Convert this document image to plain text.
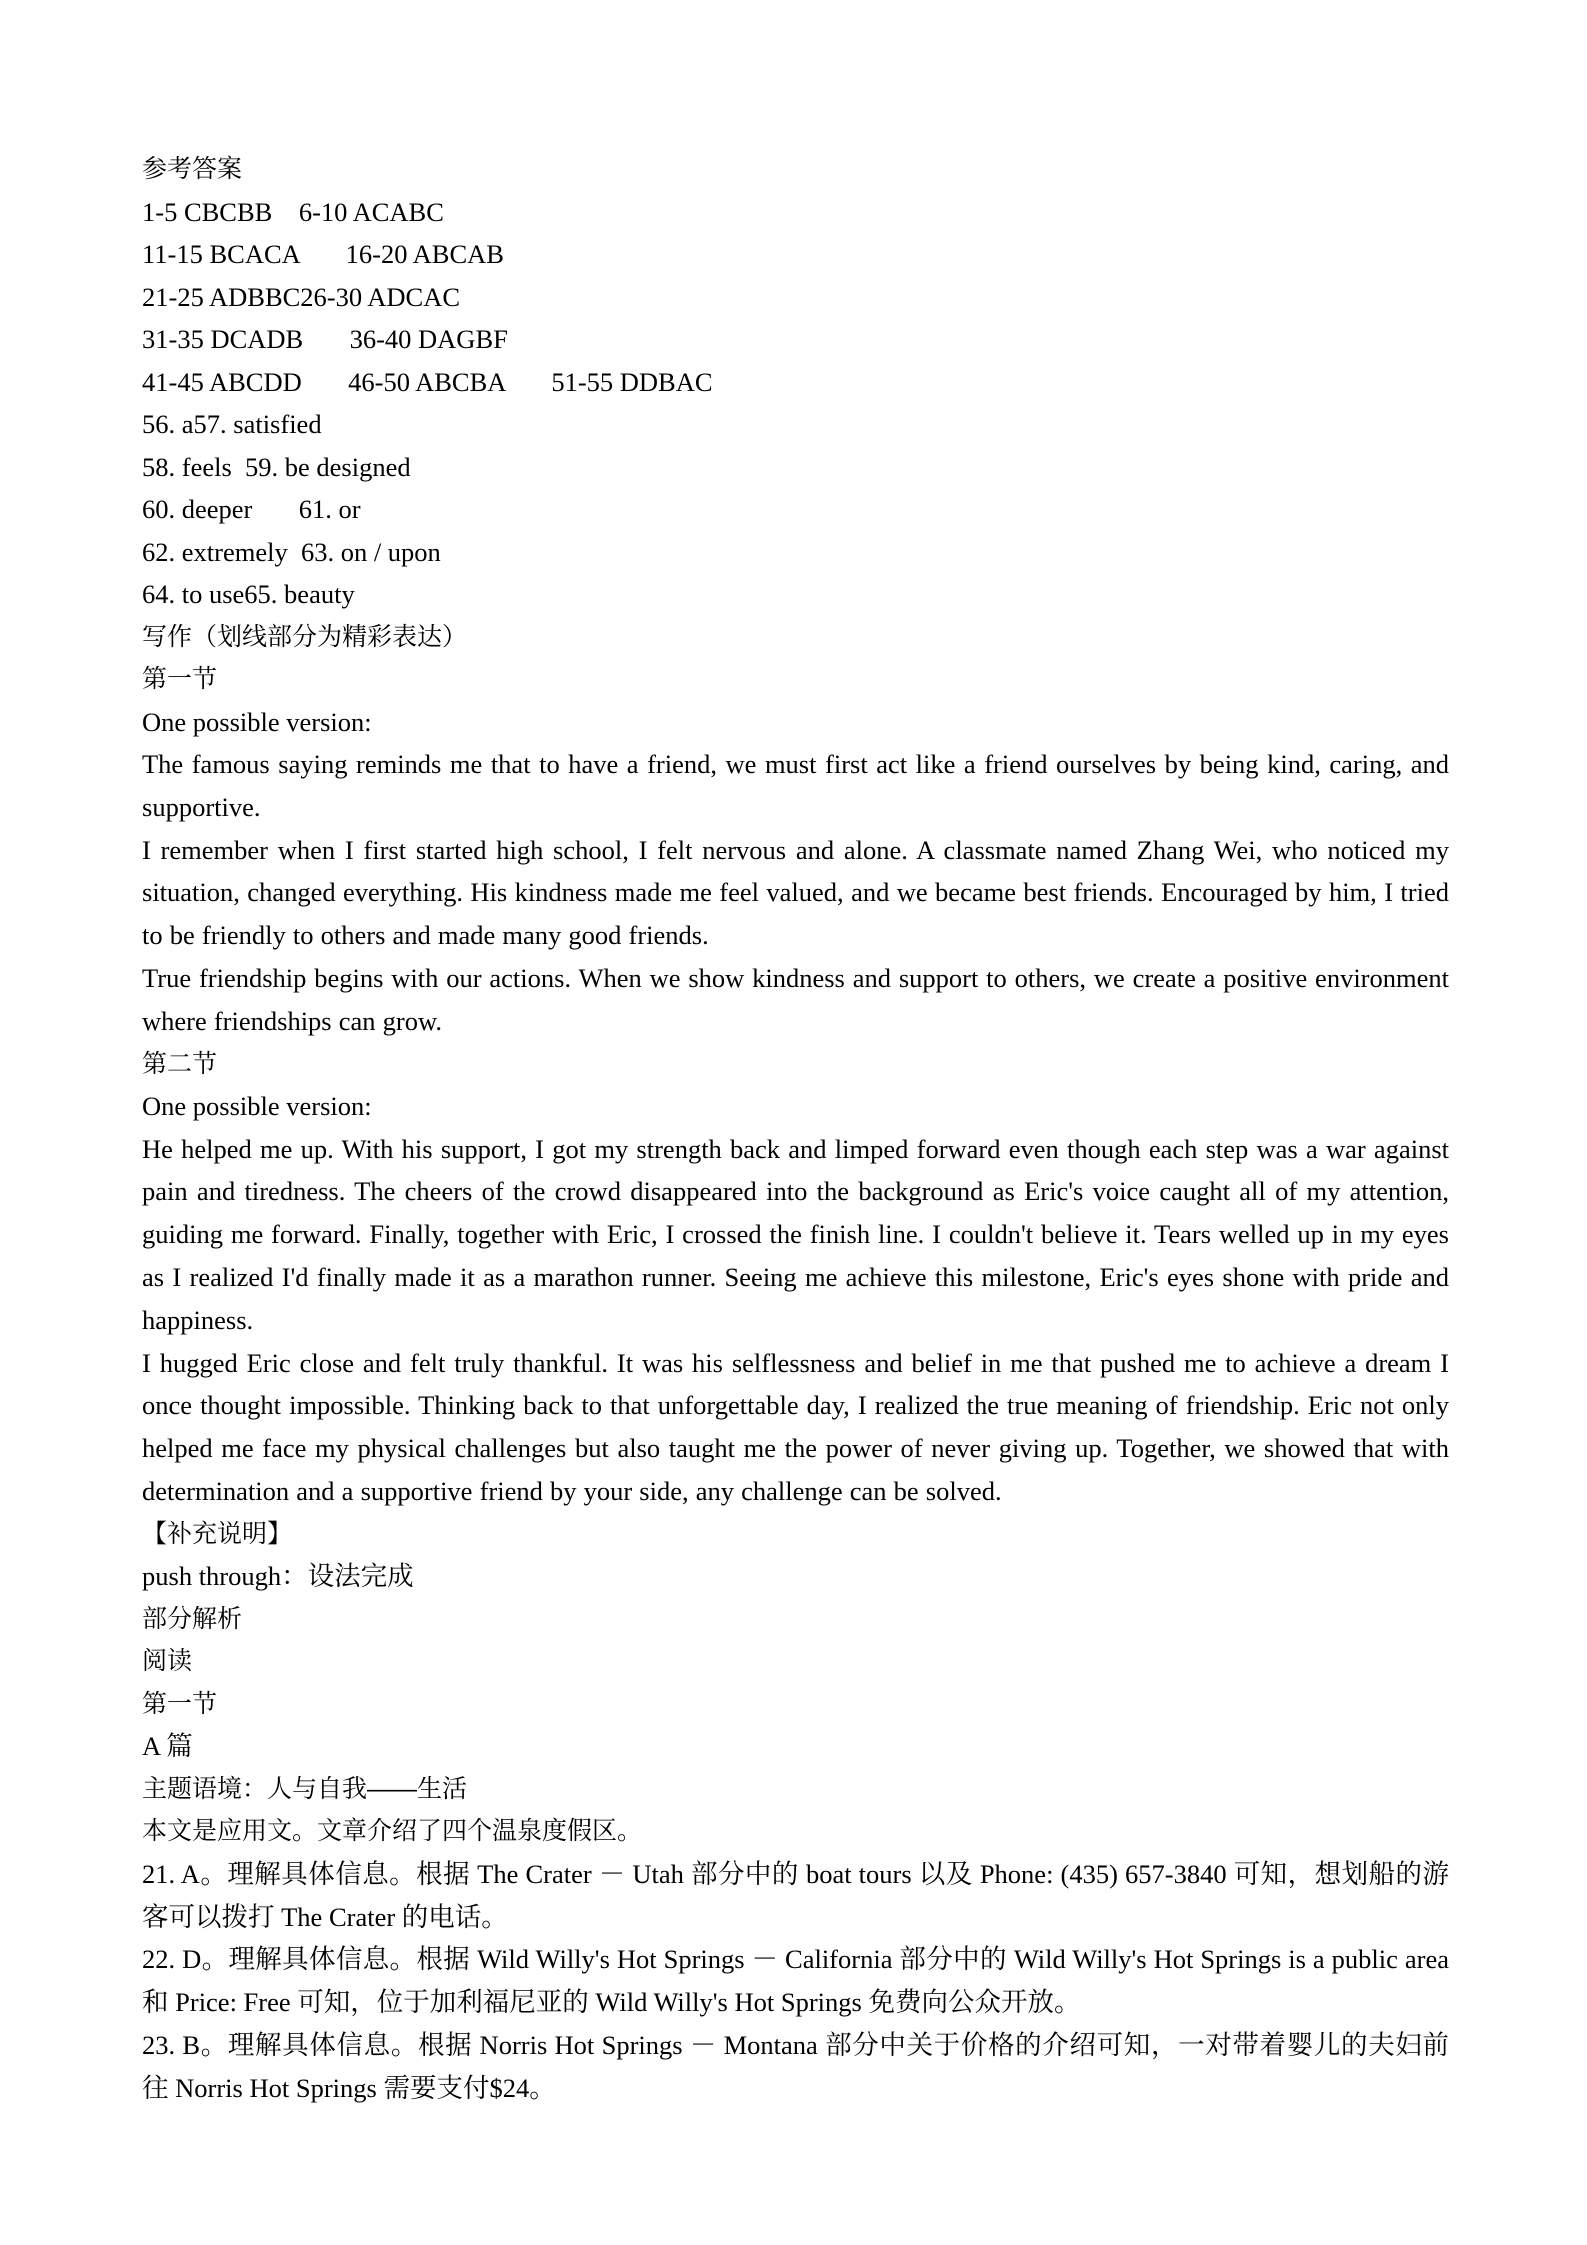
参考答案
1-5 CBCBB    6-10 ACABC
11-15 BCACA       16-20 ABCAB
21-25 ADBBC26-30 ADCAC
31-35 DCADB       36-40 DAGBF
41-45 ABCDD       46-50 ABCBA       51-55 DDBAC
56. a57. satisfied
58. feels  59. be designed
60. deeper       61. or
62. extremely  63. on / upon
64. to use65. beauty
写作（划线部分为精彩表达）
第一节
One possible version:

The famous saying reminds me that to have a friend, we must first act like a friend ourselves by being kind, caring, and supportive.

I remember when I first started high school, I felt nervous and alone. A classmate named Zhang Wei, who noticed my situation, changed everything. His kindness made me feel valued, and we became best friends. Encouraged by him, I tried to be friendly to others and made many good friends.

True friendship begins with our actions. When we show kindness and support to others, we create a positive environment where friendships can grow.

第二节
One possible version:

He helped me up. With his support, I got my strength back and limped forward even though each step was a war against pain and tiredness. The cheers of the crowd disappeared into the background as Eric's voice caught all of my attention, guiding me forward. Finally, together with Eric, I crossed the finish line. I couldn't believe it. Tears welled up in my eyes as I realized I'd finally made it as a marathon runner. Seeing me achieve this milestone, Eric's eyes shone with pride and happiness.

I hugged Eric close and felt truly thankful. It was his selflessness and belief in me that pushed me to achieve a dream I once thought impossible. Thinking back to that unforgettable day, I realized the true meaning of friendship. Eric not only helped me face my physical challenges but also taught me the power of never giving up. Together, we showed that with determination and a supportive friend by your side, any challenge can be solved.

【补充说明】
push through：设法完成
部分解析
阅读
第一节
A 篇
主题语境：人与自我——生活
本文是应用文。文章介绍了四个温泉度假区。

21. A。理解具体信息。根据 The Crater － Utah 部分中的 boat tours 以及 Phone: (435) 657-3840 可知，想划船的游客可以拨打 The Crater 的电话。

22. D。理解具体信息。根据 Wild Willy's Hot Springs － California 部分中的 Wild Willy's Hot Springs is a public area 和 Price: Free 可知，位于加利福尼亚的 Wild Willy's Hot Springs 免费向公众开放。

23. B。理解具体信息。根据 Norris Hot Springs － Montana 部分中关于价格的介绍可知，一对带着婴儿的夫妇前往 Norris Hot Springs 需要支付$24。
